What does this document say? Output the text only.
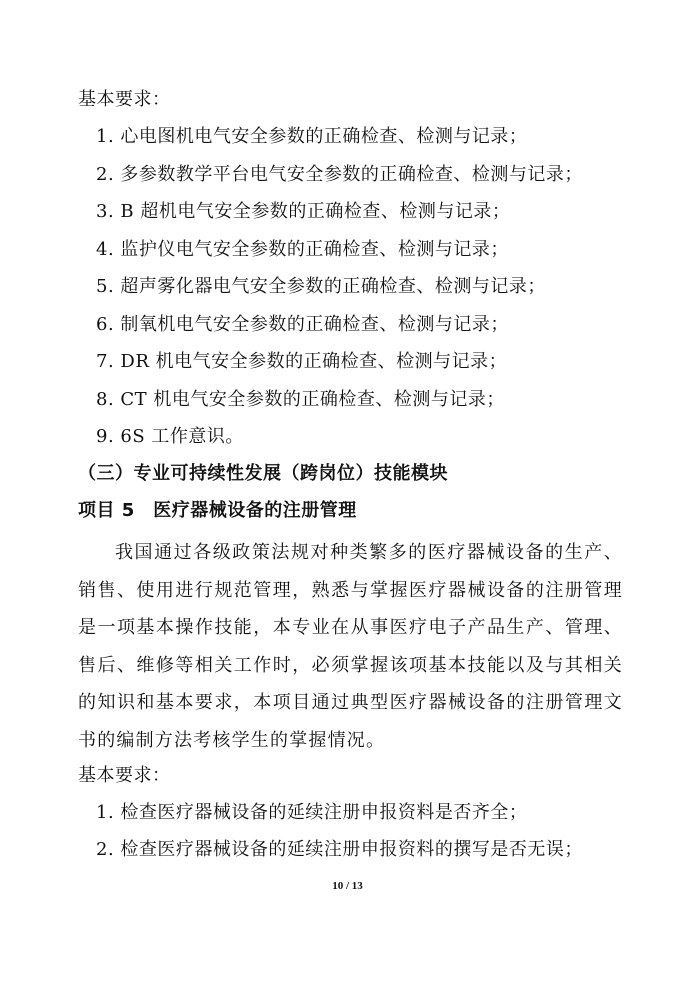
基本要求：
1. 心电图机电气安全参数的正确检查、检测与记录；
2. 多参数教学平台电气安全参数的正确检查、检测与记录；
3. B 超机电气安全参数的正确检查、检测与记录；
4. 监护仪电气安全参数的正确检查、检测与记录；
5. 超声雾化器电气安全参数的正确检查、检测与记录；
6. 制氧机电气安全参数的正确检查、检测与记录；
7. DR 机电气安全参数的正确检查、检测与记录；
8. CT 机电气安全参数的正确检查、检测与记录；
9. 6S 工作意识。
（三）专业可持续性发展（跨岗位）技能模块
项目 5　医疗器械设备的注册管理
我国通过各级政策法规对种类繁多的医疗器械设备的生产、销售、使用进行规范管理，熟悉与掌握医疗器械设备的注册管理是一项基本操作技能，本专业在从事医疗电子产品生产、管理、售后、维修等相关工作时，必须掌握该项基本技能以及与其相关的知识和基本要求，本项目通过典型医疗器械设备的注册管理文书的编制方法考核学生的掌握情况。
基本要求：
1. 检查医疗器械设备的延续注册申报资料是否齐全；
2. 检查医疗器械设备的延续注册申报资料的撰写是否无误；
10 / 13
